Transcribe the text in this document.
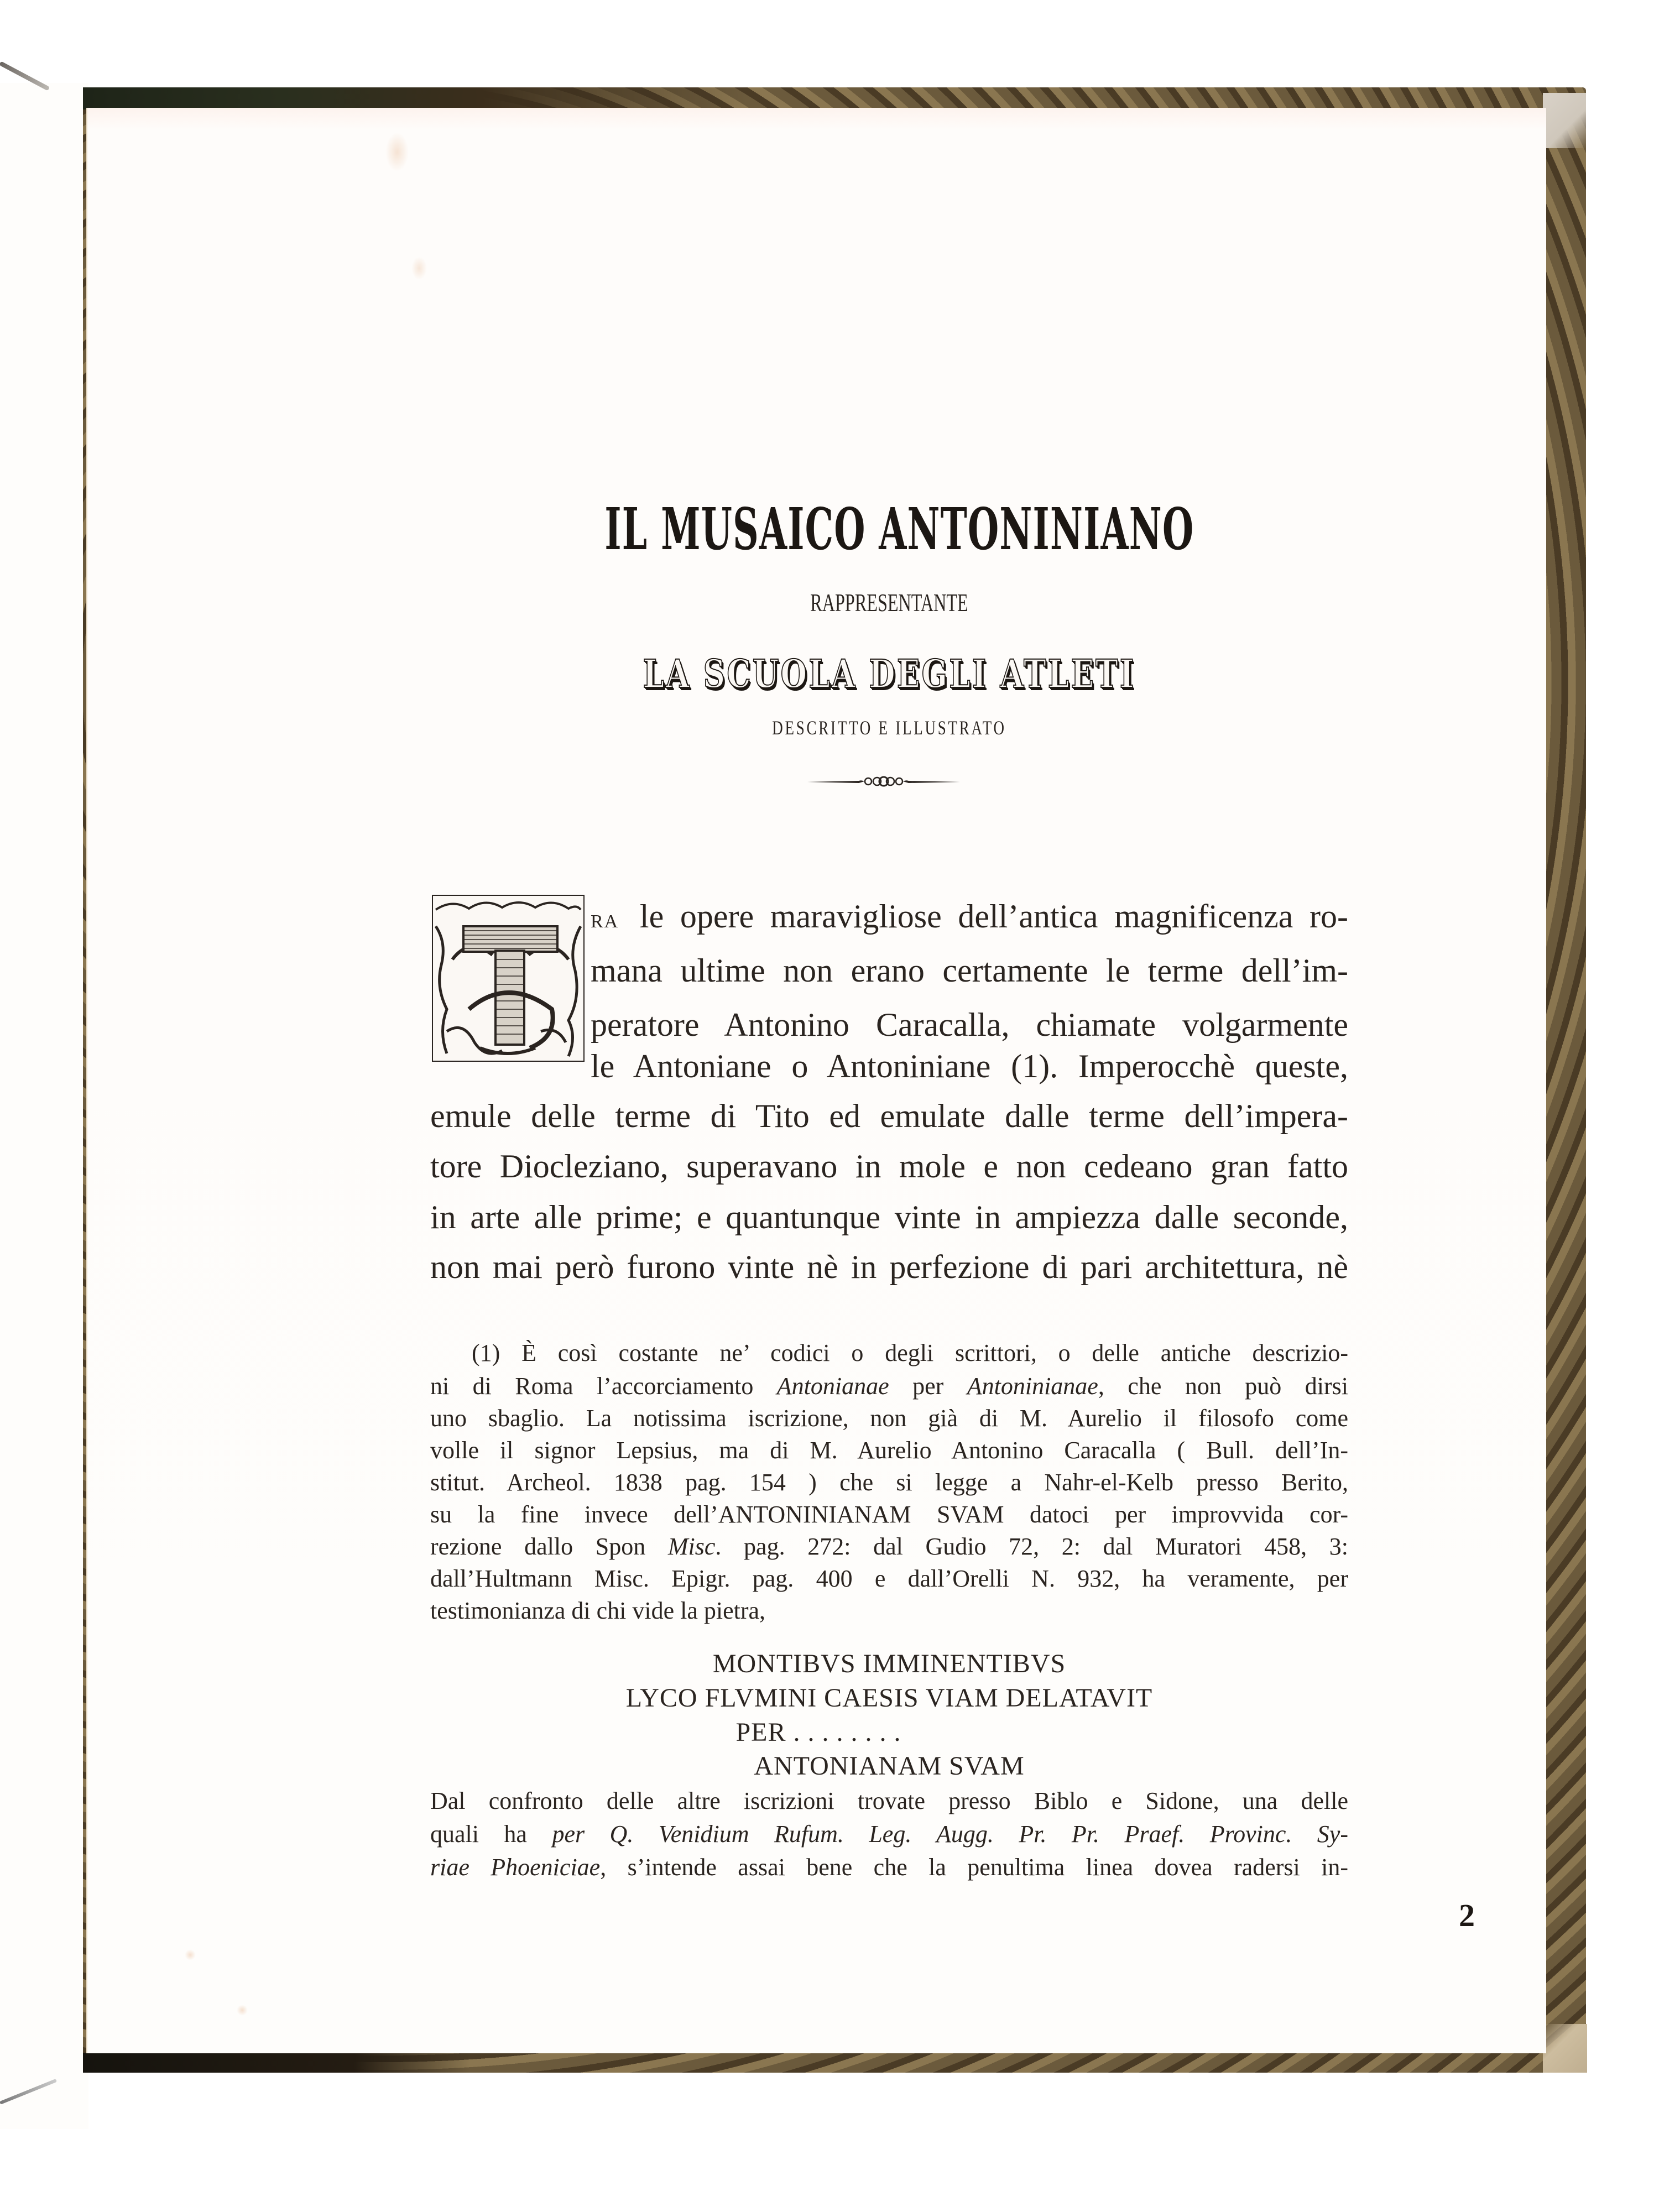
IL MUSAICO ANTONINIANO
RAPPRESENTANTE
LA SCUOLA DEGLI ATLETI
DESCRITTO E ILLUSTRATO
RA le opere maravigliose dell’antica magnificenza ro-
mana ultime non erano certamente le terme dell’im-
peratore Antonino Caracalla, chiamate volgarmente
le Antoniane o Antoniniane (1). Imperocchè queste,
emule delle terme di Tito ed emulate dalle terme dell’impera-
tore Diocleziano, superavano in mole e non cedeano gran fatto
in arte alle prime; e quantunque vinte in ampiezza dalle seconde,
non mai però furono vinte nè in perfezione di pari architettura, nè
(1) È così costante ne’ codici o degli scrittori, o delle antiche descrizio-
ni di Roma l’accorciamento Antonianae per Antoninianae, che non può dirsi
uno sbaglio. La notissima iscrizione, non già di M. Aurelio il filosofo come
volle il signor Lepsius, ma di M. Aurelio Antonino Caracalla ( Bull. dell’In-
stitut. Archeol. 1838 pag. 154 ) che si legge a Nahr-el-Kelb presso Berito,
su la fine invece dell’ANTONINIANAM SVAM datoci per improvvida cor-
rezione dallo Spon Misc. pag. 272: dal Gudio 72, 2: dal Muratori 458, 3:
dall’Hultmann Misc. Epigr. pag. 400 e dall’Orelli N. 932, ha veramente, per
testimonianza di chi vide la pietra,
MONTIBVS IMMINENTIBVS
LYCO FLVMINI CAESIS VIAM DELATAVIT
PER . . . . . . . .
ANTONIANAM SVAM
Dal confronto delle altre iscrizioni trovate presso Biblo e Sidone, una delle
quali ha per Q. Venidium Rufum. Leg. Augg. Pr. Pr. Praef. Provinc. Sy-
riae Phoeniciae, s’intende assai bene che la penultima linea dovea radersi in-
2
